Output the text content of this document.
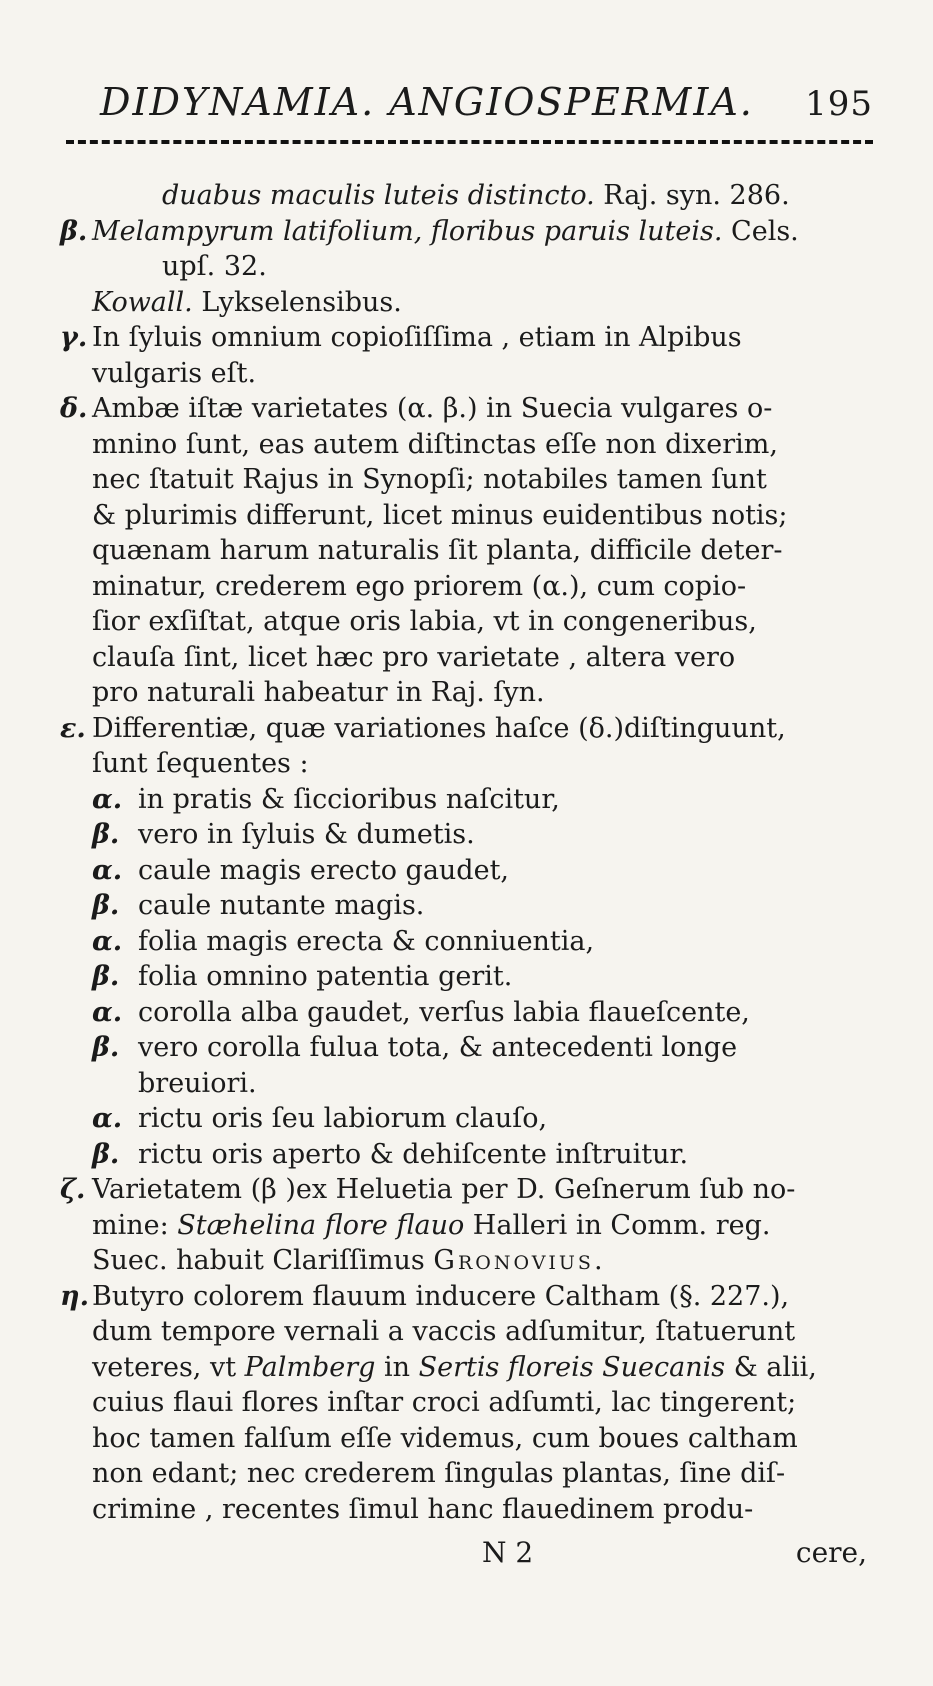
DIDYNAMIA. ANGIOSPERMIA. 195
duabus maculis luteis distincto. Raj. syn. 286.
β. Melampyrum latifolium, floribus paruis luteis. Cels.
upſ. 32.
Kowall. Lykselensibus.
γ. In ſyluis omnium copioſiſſima , etiam in Alpibus
vulgaris eſt.
δ. Ambæ iſtæ varietates (α. β.) in Suecia vulgares o-
mnino ſunt, eas autem diſtinctas eſſe non dixerim,
nec ſtatuit Rajus in Synopſi; notabiles tamen ſunt
& plurimis differunt, licet minus euidentibus notis;
quænam harum naturalis ſit planta, difficile deter-
minatur, crederem ego priorem (α.), cum copio-
ſior exſiſtat, atque oris labia, vt in congeneribus,
clauſa ſint, licet hæc pro varietate , altera vero
pro naturali habeatur in Raj. ſyn.
ε. Differentiæ, quæ variationes haſce (δ.)diſtinguunt,
ſunt ſequentes :
α. in pratis & ſiccioribus naſcitur,
β. vero in ſyluis & dumetis.
α. caule magis erecto gaudet,
β. caule nutante magis.
α. folia magis erecta & conniuentia,
β. folia omnino patentia gerit.
α. corolla alba gaudet, verſus labia flaueſcente,
β. vero corolla fulua tota, & antecedenti longe
breuiori.
α. rictu oris ſeu labiorum clauſo,
β. rictu oris aperto & dehiſcente inſtruitur.
ζ. Varietatem (β )ex Heluetia per D. Geſnerum ſub no-
mine: Stæhelina flore flauo Halleri in Comm. reg.
Suec. habuit Clariſſimus Gronovius.
η. Butyro colorem flauum inducere Caltham (§. 227.),
dum tempore vernali a vaccis adſumitur, ſtatuerunt
veteres, vt Palmberg in Sertis floreis Suecanis & alii,
cuius flaui flores inſtar croci adſumti, lac tingerent;
hoc tamen falſum eſſe videmus, cum boues caltham
non edant; nec crederem ſingulas plantas, ſine diſ-
crimine , recentes ſimul hanc flauedinem produ-
N 2	cere,
